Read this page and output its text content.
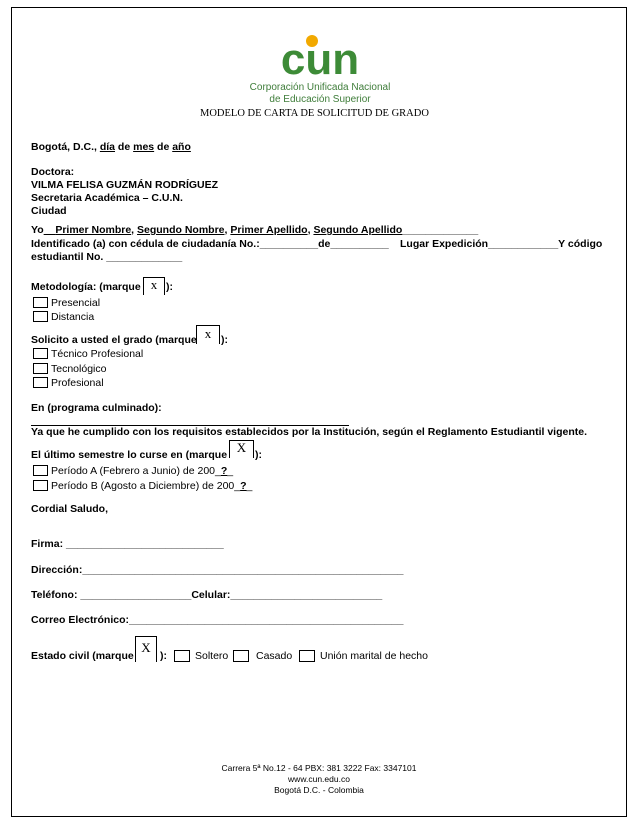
cun
Corporación Unificada Nacional
de Educación Superior
MODELO DE CARTA DE SOLICITUD DE GRADO
Bogotá, D.C., día de mes de año
Doctora:
VILMA FELISA GUZMÁN RODRÍGUEZ
Secretaria Académica – C.U.N.
Ciudad
Yo Primer Nombre, Segundo Nombre, Primer Apellido, Segundo Apellido_____________
Identificado (a) con cédula de ciudadanía No.:__________de__________ Lugar Expedición____________Y código
estudiantil No. _____________
Metodología: (marque x ):
Presencial
Distancia
Solicito a usted el grado (marque x ):
Técnico Profesional
Tecnológico
Profesional
En (programa culminado):
Ya que he cumplido con los requisitos establecidos por la Institución, según el Reglamento Estudiantil vigente.
El último semestre lo curse en (marque X ):
Período A (Febrero a Junio) de 200_?_
Período B (Agosto a Diciembre) de 200_?_
Cordial Saludo,
Firma: ___________________________
Dirección:_______________________________________________________
Teléfono: ___________________Celular:__________________________
Correo Electrónico:_______________________________________________
Estado civil (marque
X
):	Soltero	Casado	Unión marital de hecho
Carrera 5ª No.12 - 64 PBX: 381 3222 Fax: 3347101
www.cun.edu.co
Bogotá D.C. - Colombia
